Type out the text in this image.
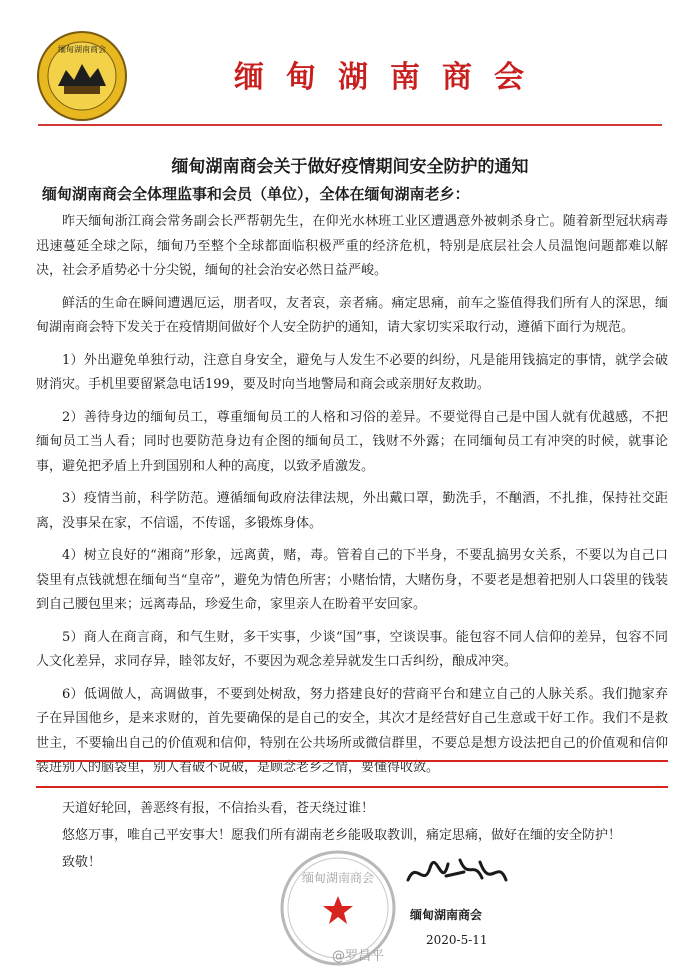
缅甸湖南商会
缅甸湖南商会
缅甸湖南商会关于做好疫情期间安全防护的通知
缅甸湖南商会全体理监事和会员（单位），全体在缅甸湖南老乡：

昨天缅甸浙江商会常务副会长严帮朝先生，在仰光水林班工业区遭遇意外被刺杀身亡。随着新型冠状病毒迅速蔓延全球之际，缅甸乃至整个全球都面临积极严重的经济危机，特别是底层社会人员温饱问题都难以解决，社会矛盾势必十分尖锐，缅甸的社会治安必然日益严峻。

鲜活的生命在瞬间遭遇厄运，朋者叹，友者哀，亲者痛。痛定思痛，前车之鉴值得我们所有人的深思，缅甸湖南商会特下发关于在疫情期间做好个人安全防护的通知，请大家切实采取行动，遵循下面行为规范。

1）外出避免单独行动，注意自身安全，避免与人发生不必要的纠纷，凡是能用钱搞定的事情，就学会破财消灾。手机里要留紧急电话199，要及时向当地警局和商会或亲朋好友救助。

2）善待身边的缅甸员工，尊重缅甸员工的人格和习俗的差异。不要觉得自己是中国人就有优越感，不把缅甸员工当人看；同时也要防范身边有企图的缅甸员工，钱财不外露；在同缅甸员工有冲突的时候，就事论事，避免把矛盾上升到国别和人种的高度，以致矛盾激发。

3）疫情当前，科学防范。遵循缅甸政府法律法规，外出戴口罩，勤洗手，不酗酒，不扎推，保持社交距离，没事呆在家，不信谣，不传谣，多锻炼身体。

4）树立良好的“湘商”形象，远离黄，赌，毒。管着自己的下半身，不要乱搞男女关系，不要以为自己口袋里有点钱就想在缅甸当“皇帝”，避免为情色所害；小赌怡情，大赌伤身，不要老是想着把别人口袋里的钱装到自己腰包里来；远离毒品，珍爱生命，家里亲人在盼着平安回家。

5）商人在商言商，和气生财，多干实事，少谈“国”事，空谈误事。能包容不同人信仰的差异，包容不同人文化差异，求同存异，睦邻友好，不要因为观念差异就发生口舌纠纷，酿成冲突。

6）低调做人，高调做事，不要到处树敌，努力搭建良好的营商平台和建立自己的人脉关系。我们抛家弃子在异国他乡，是来求财的，首先要确保的是自己的安全，其次才是经营好自己生意或干好工作。我们不是救世主，不要输出自己的价值观和信仰，特别在公共场所或微信群里，不要总是想方设法把自己的价值观和信仰装进别人的脑袋里，别人看破不说破，是顾念老乡之情，要懂得收敛。

天道好轮回，善恶终有报，不信抬头看，苍天绕过谁！
悠悠万事，唯自己平安事大！愿我们所有湖南老乡能吸取教训，痛定思痛，做好在缅的安全防护！
致敬！
缅甸湖南商会
缅甸湖南商会
2020-5-11
@罗昌平
